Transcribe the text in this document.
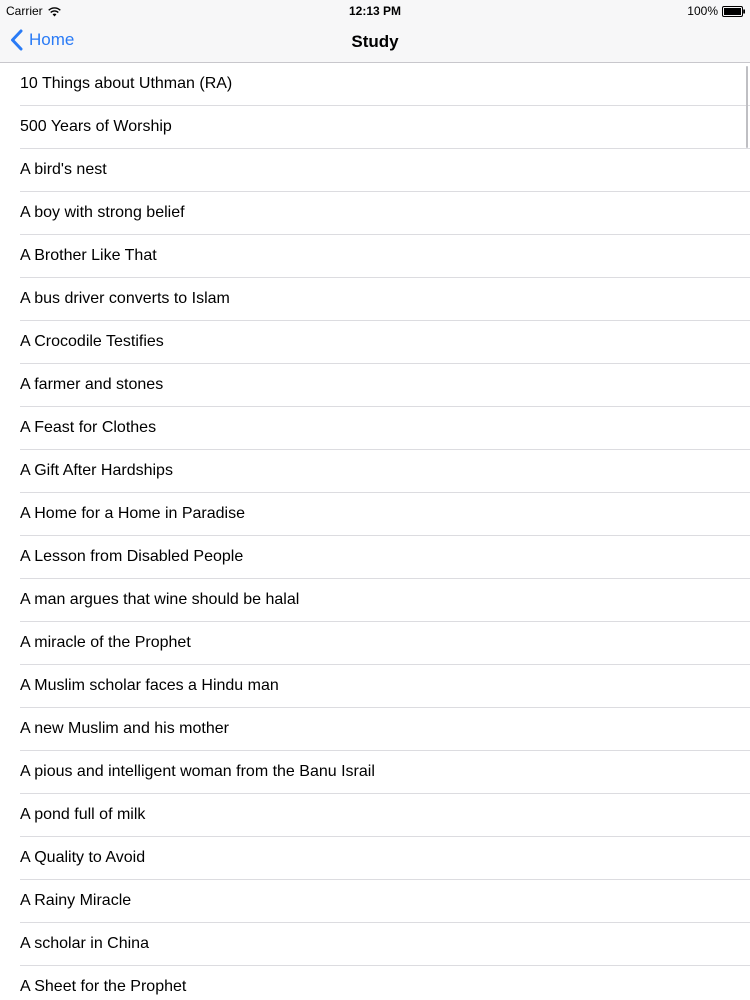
Carrier	12:13 PM	100%
Home	Study
10 Things about Uthman (RA)
500 Years of Worship
A bird's nest
A boy with strong belief
A Brother Like That
A bus driver converts to Islam
A Crocodile Testifies
A farmer and stones
A Feast for Clothes
A Gift After Hardships
A Home for a Home in Paradise
A Lesson from Disabled People
A man argues that wine should be halal
A miracle of the Prophet
A Muslim scholar faces a Hindu man
A new Muslim and his mother
A pious and intelligent woman from the Banu Israil
A pond full of milk
A Quality to Avoid
A Rainy Miracle
A scholar in China
A Sheet for the Prophet
